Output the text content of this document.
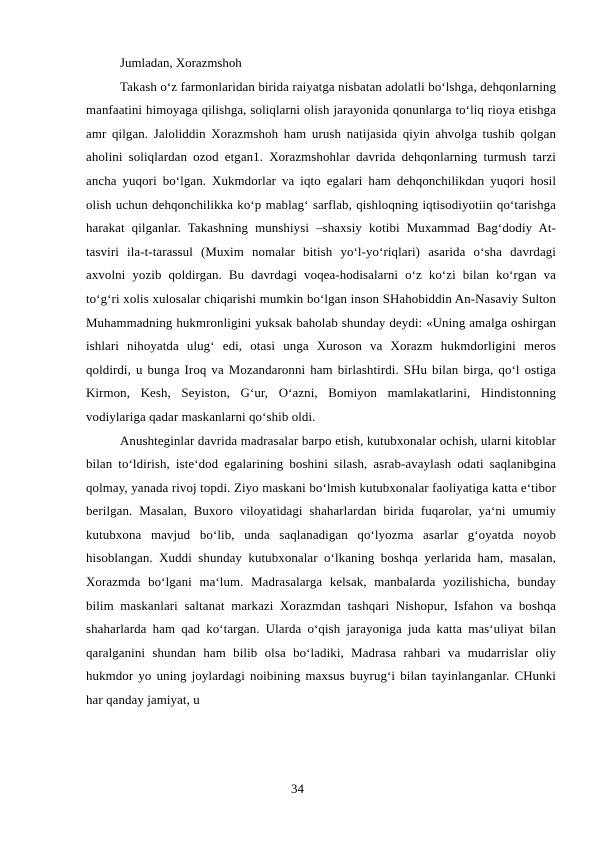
Jumladan, Xorazmshoh

Takash o‘z farmonlaridan birida raiyatga nisbatan adolatli bo‘lshga, dehqonlarning manfaatini himoyaga qilishga, soliqlarni olish jarayonida qonunlarga to‘liq rioya etishga amr qilgan. Jaloliddin Xorazmshoh ham urush natijasida qiyin ahvolga tushib qolgan aholini soliqlardan ozod etgan1. Xorazmshohlar davrida dehqonlarning turmush tarzi ancha yuqori bo‘lgan. Xukmdorlar va iqto egalari ham dehqonchilikdan yuqori hosil olish uchun dehqonchilikka ko‘p mablag‘ sarflab, qishloqning iqtisodiyotiin qo‘tarishga harakat qilganlar. Takashning munshiysi –shaxsiy kotibi Muxammad Bag‘dodiy At-tasviri ila-t-tarassul (Muxim nomalar bitish yo‘l-yo‘riqlari) asarida o‘sha davrdagi axvolni yozib qoldirgan. Bu davrdagi voqea-hodisalarni o‘z ko‘zi bilan ko‘rgan va to‘g‘ri xolis xulosalar chiqarishi mumkin bo‘lgan inson SHahobiddin An-Nasaviy Sulton Muhammadning hukmronligini yuksak baholab shunday deydi: «Uning amalga oshirgan ishlari nihoyatda ulug‘ edi, otasi unga Xuroson va Xorazm hukmdorligini meros qoldirdi, u bunga Iroq va Mozandaronni ham birlashtirdi. SHu bilan birga, qo‘l ostiga Kirmon, Kesh, Seyiston, G‘ur, O‘azni, Bomiyon mamlakatlarini, Hindistonning vodiylariga qadar maskanlarni qo‘shib oldi.

Anushteginlar davrida madrasalar barpo etish, kutubxonalar ochish, ularni kitoblar bilan to‘ldirish, iste‘dod egalarining boshini silash, asrab-avaylash odati saqlanibgina qolmay, yanada rivoj topdi. Ziyo maskani bo‘lmish kutubxonalar faoliyatiga katta e‘tibor berilgan. Masalan, Buxoro viloyatidagi shaharlardan birida fuqarolar, ya‘ni umumiy kutubxona mavjud bo‘lib, unda saqlanadigan qo‘lyozma asarlar g‘oyatda noyob hisoblangan. Xuddi shunday kutubxonalar o‘lkaning boshqa yerlarida ham, masalan, Xorazmda bo‘lgani ma‘lum. Madrasalarga kelsak, manbalarda yozilishicha, bunday bilim maskanlari saltanat markazi Xorazmdan tashqari Nishopur, Isfahon va boshqa shaharlarda ham qad ko‘targan. Ularda o‘qish jarayoniga juda katta mas‘uliyat bilan qaralganini shundan ham bilib olsa bo‘ladiki, Madrasa rahbari va mudarrislar oliy hukmdor yo uning joylardagi noibining maxsus buyrug‘i bilan tayinlanganlar. CHunki har qanday jamiyat, u

34
